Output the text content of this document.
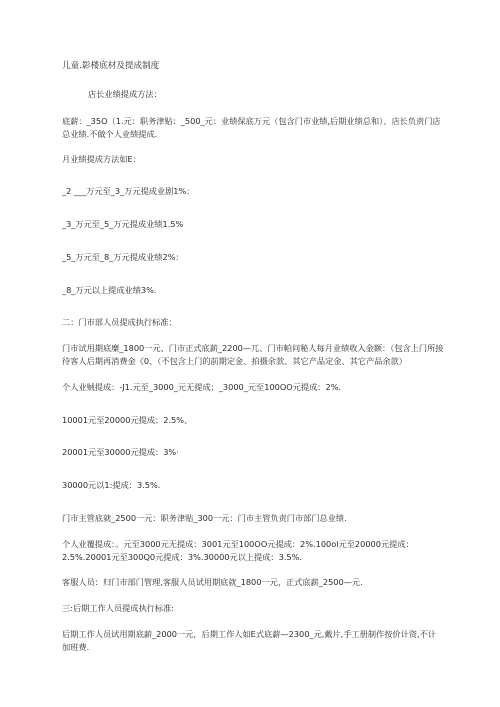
儿童.影楼底材及提成制度

店长业绩提成方法：

底薪：_35O（1.元：职务津贴：_500_元：业绩保底万元（包含门市业绩,后期业绩总和）、店长负责门店总业绩.不做个人业绩提成.

月业绩提成方法如E：

_2 ___万元至_3_万元提成业剧1%：

_3_万元至_5_万元提成业绩1.5%

_5_万元至_8_万元提成业绩2%：

_8_万元以上提成业绩3%.

二：门市部人员提成执行标准：

门市试用期底糜_1800一元、门市正式底薪_2200—兀、门市帕问秘人每月业绩收入金额：（包含上门所接待客人后期再消费金《0、（不包含上门的前期定金、拍摄余款、其它产品定金、其它产品余款）

个人业贼提成：-J1.元至_3000_元无提成；_3000_元至100OO元提成：2%.

10001元至20000元提成；2.5%、

20001元至30000元提成：3%·

30000元以1:提成：3.5%.

门市主管底就_2500一元：职务津贴_300一元：门市主管负责门市部门总业绩.

个人业覆提成：。元至3000元无提成：3001元至100OO元提成：2%.100ol元至20000元提成：2.5%.20001元至300Q0元提成：3%.30000元以上提成：3.5%.

客服人员：归门市部门管理,客服人员试用期底就_1800一元，正式底薪_2500—元.

三:后期工作人员提成执行标准:

后期工作人员试用期底薪_2000一元，后期工作人如E式底薪—2300_元,戴片,手工册制作按价计资,不计加班费.
